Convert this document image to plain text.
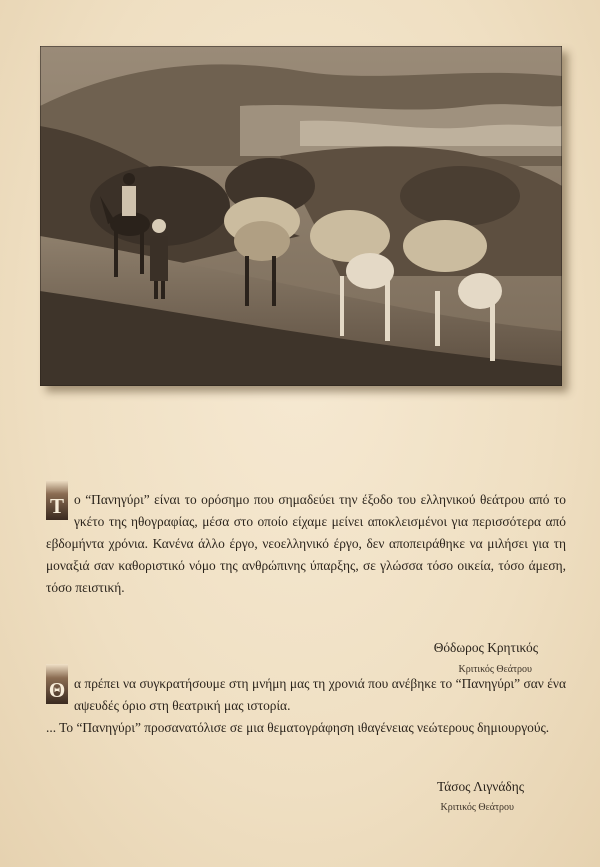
Τ ο “Πανηγύρι” είναι το ορόσημο που σημαδεύει την έξοδο του ελληνικού θεάτρου από το γκέτο της ηθογραφίας, μέσα στο οποίο είχαμε μείνει αποκλεισμένοι για περισσότερα από εβδομήντα χρόνια. Κανένα άλλο έργο, νεοελληνικό έργο, δεν αποπειράθηκε να μιλήσει για τη μοναξιά σαν καθοριστικό νόμο της ανθρώπινης ύπαρξης, σε γλώσσα τόσο οικεία, τόσο άμεση, τόσο πειστική.

Θόδωρος Κρητικός
Κριτικός Θεάτρου

Θ α πρέπει να συγκρατήσουμε στη μνήμη μας τη χρονιά που ανέβηκε το “Πανηγύρι” σαν ένα αψευδές όριο στη θεατρική μας ιστορία.

... Το “Πανηγύρι” προσανατόλισε σε μια θεματογράφηση ιθαγένειας νεώτερους δημιουργούς.

Τάσος Λιγνάδης
Κριτικός Θεάτρου
